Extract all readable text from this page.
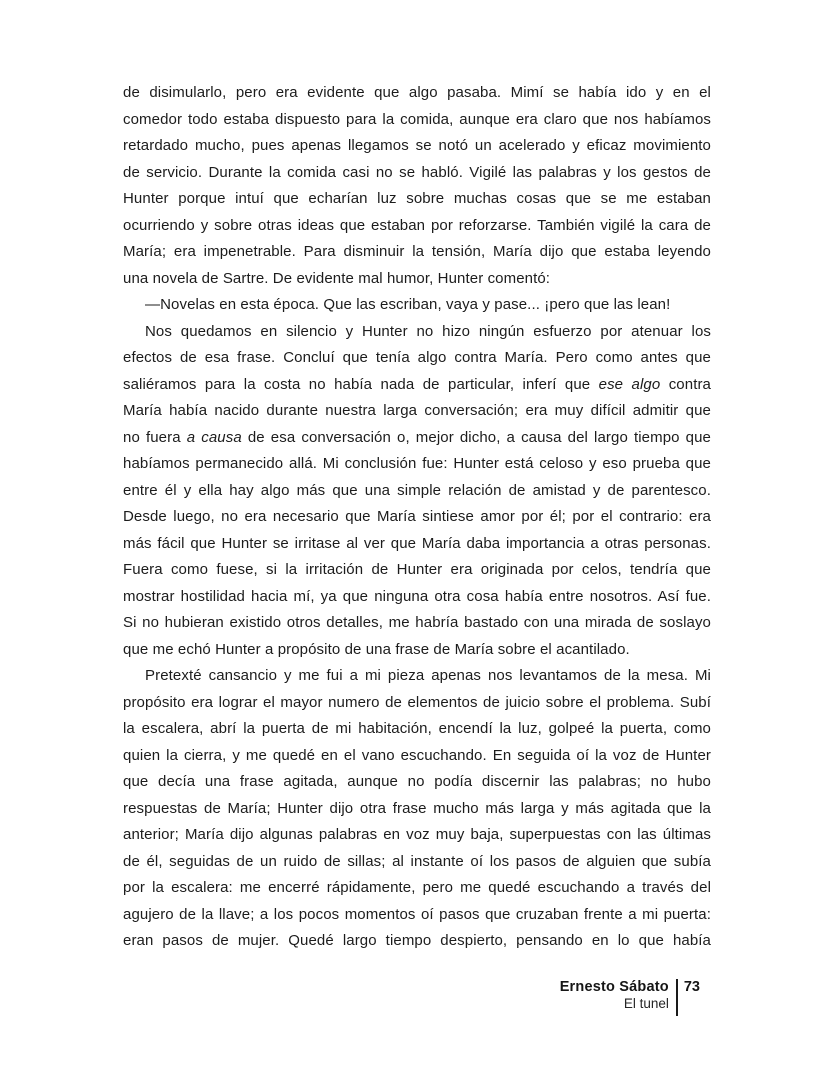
de disimularlo, pero era evidente que algo pasaba. Mimí se había ido y en el
comedor todo estaba dispuesto para la comida, aunque era claro que nos habíamos
retardado mucho, pues apenas llegamos se notó un acelerado y eficaz movimiento
de servicio. Durante la comida casi no se habló. Vigilé las palabras y los gestos de
Hunter porque intuí que echarían luz sobre muchas cosas que se me estaban
ocurriendo y sobre otras ideas que estaban por reforzarse. También vigilé la cara de
María; era impenetrable. Para disminuir la tensión, María dijo que estaba leyendo
una novela de Sartre. De evidente mal humor, Hunter comentó:
—Novelas en esta época. Que las escriban, vaya y pase... ¡pero que las lean!
Nos quedamos en silencio y Hunter no hizo ningún esfuerzo por atenuar los
efectos de esa frase. Concluí que tenía algo contra María. Pero como antes que
saliéramos para la costa no había nada de particular, inferí que ese algo contra
María había nacido durante nuestra larga conversación; era muy difícil admitir que
no fuera a causa de esa conversación o, mejor dicho, a causa del largo tiempo que
habíamos permanecido allá. Mi conclusión fue: Hunter está celoso y eso prueba que
entre él y ella hay algo más que una simple relación de amistad y de parentesco.
Desde luego, no era necesario que María sintiese amor por él; por el contrario: era
más fácil que Hunter se irritase al ver que María daba importancia a otras personas.
Fuera como fuese, si la irritación de Hunter era originada por celos, tendría que
mostrar hostilidad hacia mí, ya que ninguna otra cosa había entre nosotros. Así fue.
Si no hubieran existido otros detalles, me habría bastado con una mirada de soslayo
que me echó Hunter a propósito de una frase de María sobre el acantilado.
Pretexté cansancio y me fui a mi pieza apenas nos levantamos de la mesa. Mi
propósito era lograr el mayor numero de elementos de juicio sobre el problema. Subí
la escalera, abrí la puerta de mi habitación, encendí la luz, golpeé la puerta, como
quien la cierra, y me quedé en el vano escuchando. En seguida oí la voz de Hunter
que decía una frase agitada, aunque no podía discernir las palabras; no hubo
respuestas de María; Hunter dijo otra frase mucho más larga y más agitada que la
anterior; María dijo algunas palabras en voz muy baja, superpuestas con las últimas
de él, seguidas de un ruido de sillas; al instante oí los pasos de alguien que subía
por la escalera: me encerré rápidamente, pero me quedé escuchando a través del
agujero de la llave; a los pocos momentos oí pasos que cruzaban frente a mi puerta:
eran pasos de mujer. Quedé largo tiempo despierto, pensando en lo que había
Ernesto Sábato
El tunel
73
